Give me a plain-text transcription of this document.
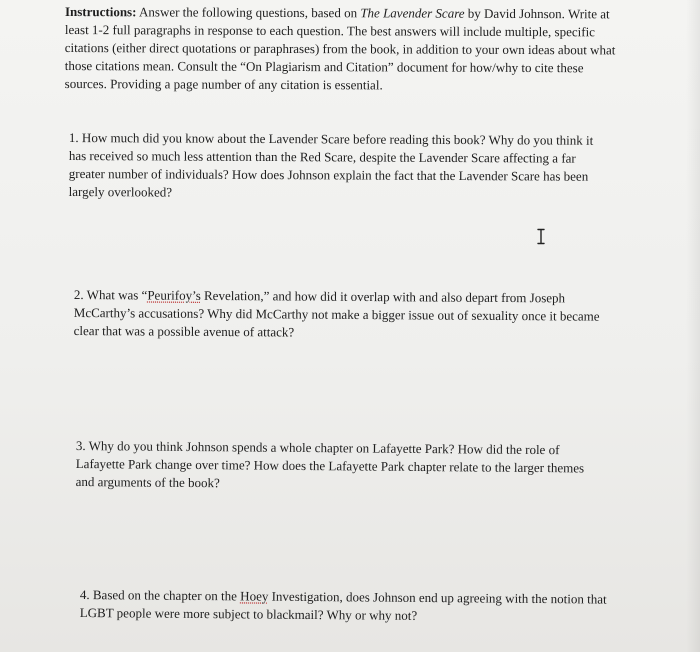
Instructions: Answer the following questions, based on The Lavender Scare by David Johnson. Write at least 1-2 full paragraphs in response to each question. The best answers will include multiple, specific citations (either direct quotations or paraphrases) from the book, in addition to your own ideas about what those citations mean. Consult the “On Plagiarism and Citation” document for how/why to cite these sources. Providing a page number of any citation is essential.

1. How much did you know about the Lavender Scare before reading this book? Why do you think it has received so much less attention than the Red Scare, despite the Lavender Scare affecting a far greater number of individuals? How does Johnson explain the fact that the Lavender Scare has been largely overlooked?

2. What was “Peurifoy’s Revelation,” and how did it overlap with and also depart from Joseph McCarthy’s accusations? Why did McCarthy not make a bigger issue out of sexuality once it became clear that was a possible avenue of attack?

3. Why do you think Johnson spends a whole chapter on Lafayette Park? How did the role of Lafayette Park change over time? How does the Lafayette Park chapter relate to the larger themes and arguments of the book?

4. Based on the chapter on the Hoey Investigation, does Johnson end up agreeing with the notion that LGBT people were more subject to blackmail? Why or why not?
